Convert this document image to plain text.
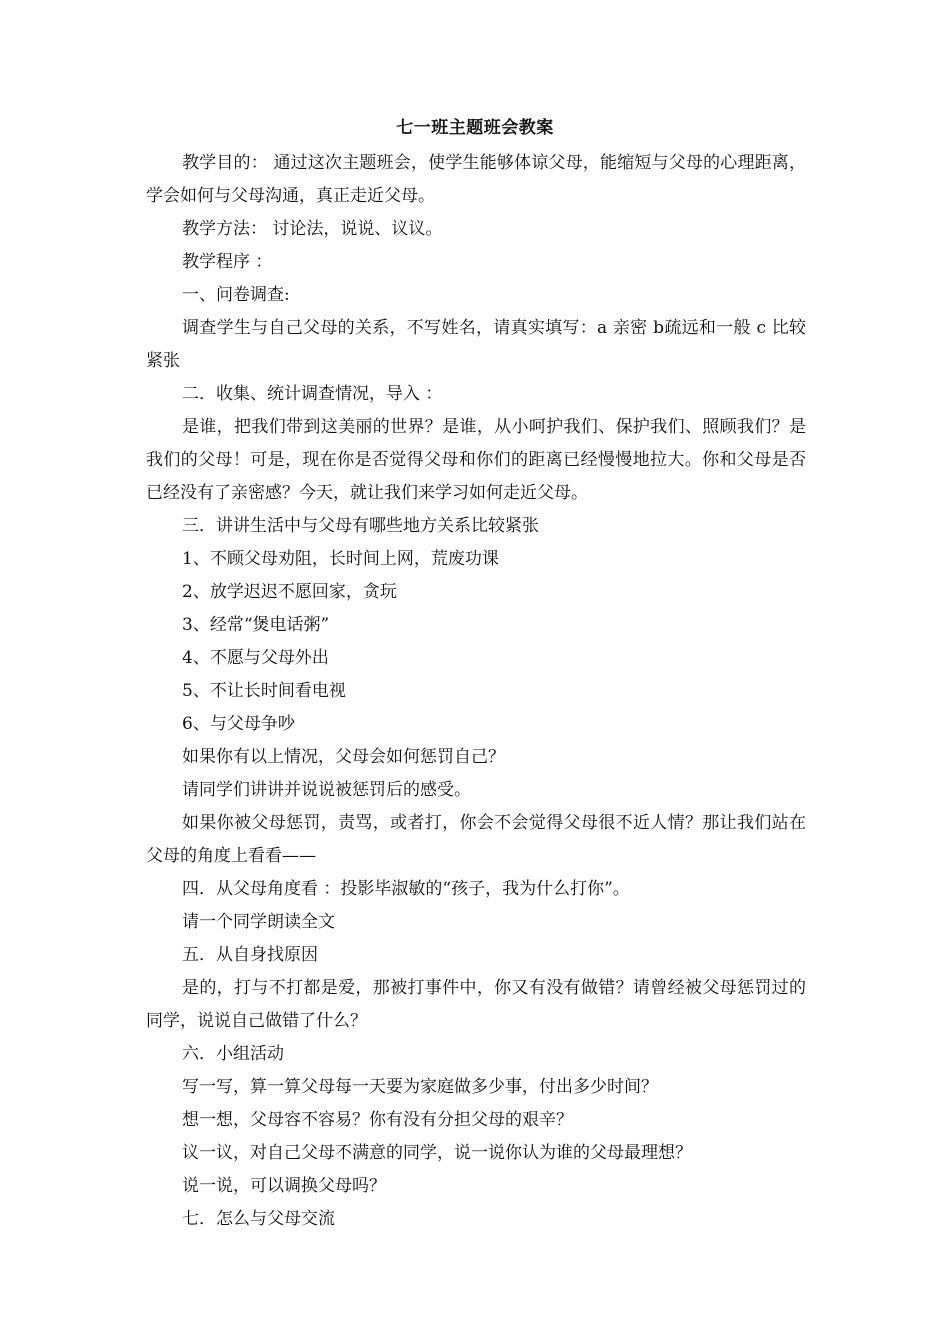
七一班主题班会教案

教学目的： 通过这次主题班会，使学生能够体谅父母，能缩短与父母的心理距离，学会如何与父母沟通，真正走近父母。

教学方法： 讨论法，说说、议议。

教学程序 ：

一、问卷调查:

调查学生与自己父母的关系，不写姓名，请真实填写：a 亲密 b疏远和一般 c 比较紧张

二．收集、统计调查情况，导入 ：

是谁，把我们带到这美丽的世界？是谁，从小呵护我们、保护我们、照顾我们？是我们的父母！可是，现在你是否觉得父母和你们的距离已经慢慢地拉大。你和父母是否已经没有了亲密感？今天，就让我们来学习如何走近父母。

三．讲讲生活中与父母有哪些地方关系比较紧张

1、不顾父母劝阻，长时间上网，荒废功课

2、放学迟迟不愿回家，贪玩

3、经常“煲电话粥”

4、不愿与父母外出

5、不让长时间看电视

6、与父母争吵

如果你有以上情况，父母会如何惩罚自己？

请同学们讲讲并说说被惩罚后的感受。

如果你被父母惩罚，责骂，或者打，你会不会觉得父母很不近人情？那让我们站在父母的角度上看看——

四．从父母角度看 ：投影毕淑敏的“孩子，我为什么打你”。

请一个同学朗读全文

五．从自身找原因

是的，打与不打都是爱，那被打事件中，你又有没有做错？请曾经被父母惩罚过的同学，说说自己做错了什么？

六．小组活动

写一写，算一算父母每一天要为家庭做多少事，付出多少时间？

想一想，父母容不容易？你有没有分担父母的艰辛？

议一议，对自己父母不满意的同学，说一说你认为谁的父母最理想？

说一说，可以调换父母吗？

七．怎么与父母交流
